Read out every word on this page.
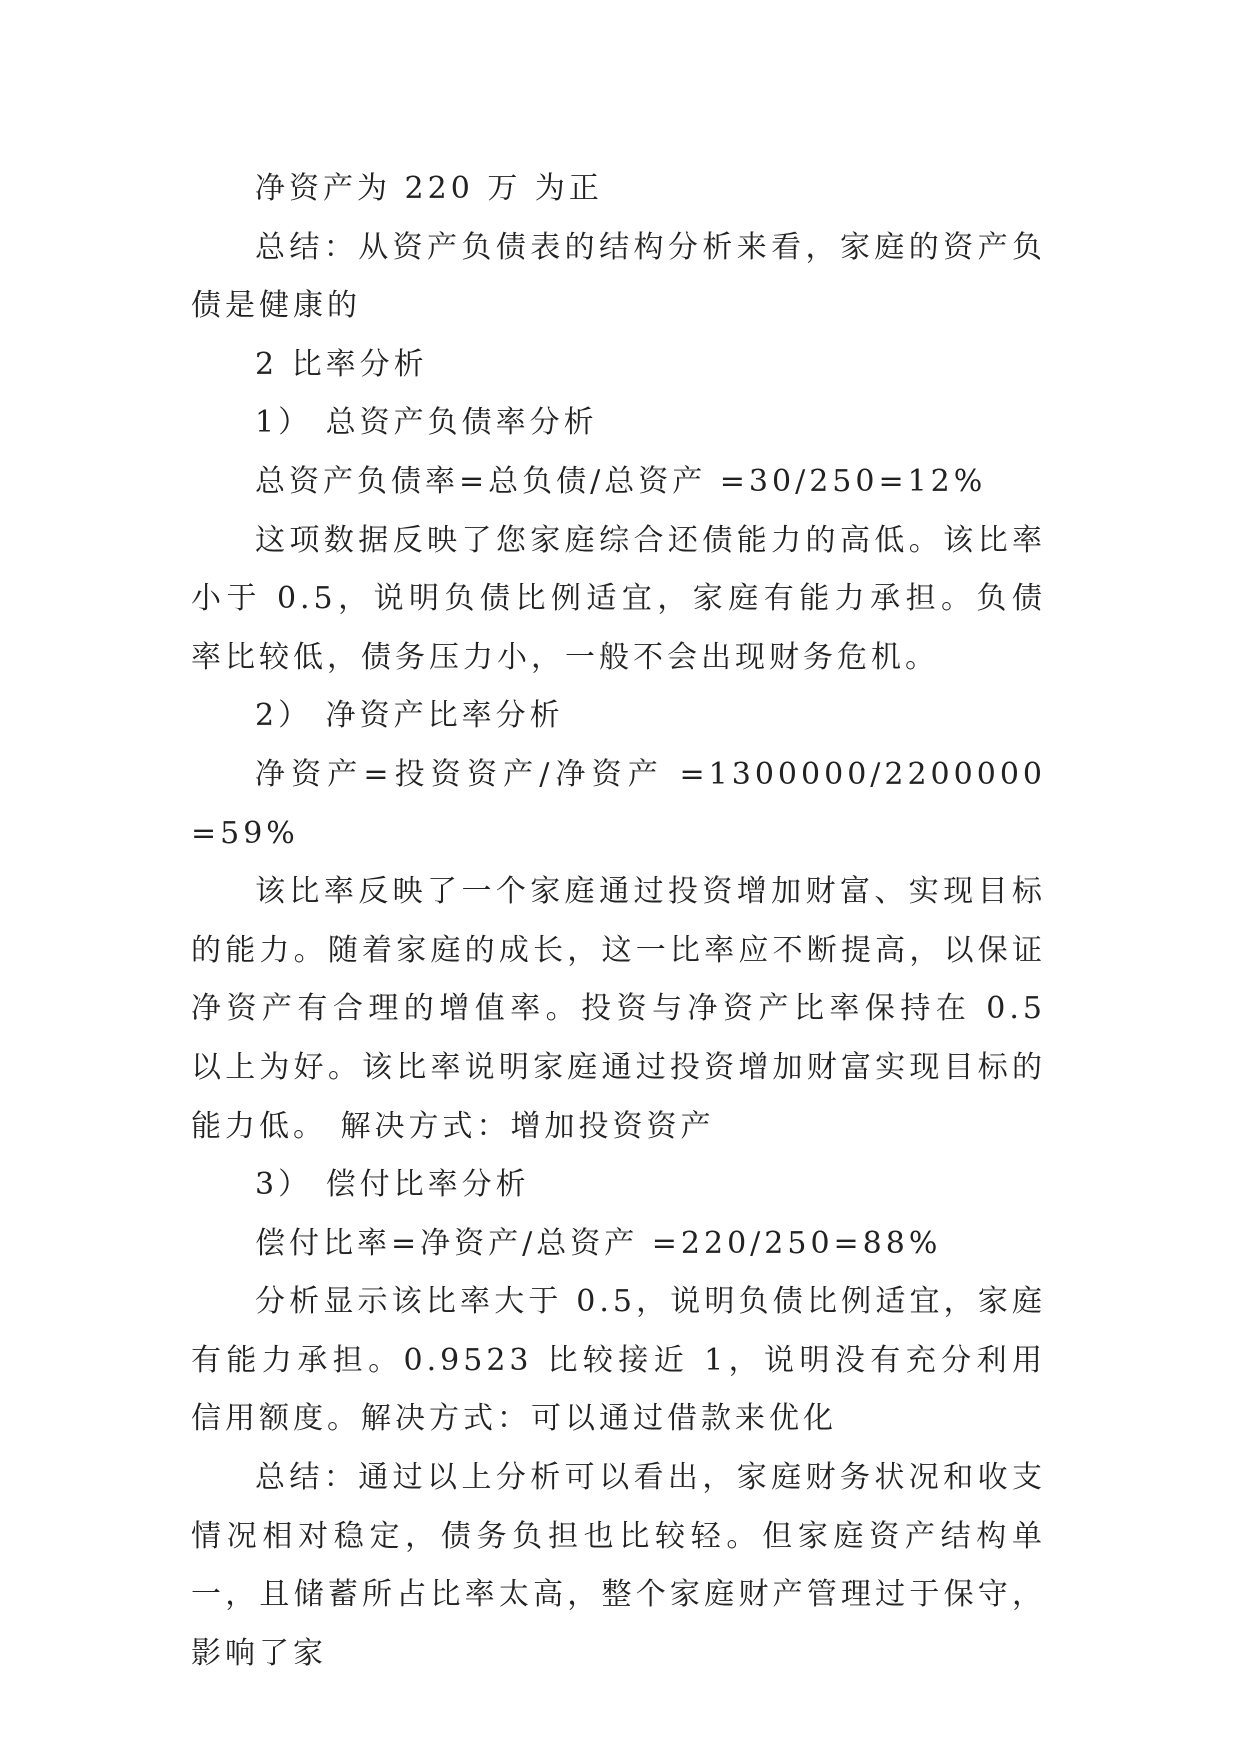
净资产为 220 万 为正

总结：从资产负债表的结构分析来看，家庭的资产负债是健康的

2 比率分析

1） 总资产负债率分析

总资产负债率=总负债/总资产 =30/250=12%

这项数据反映了您家庭综合还债能力的高低。该比率小于 0.5，说明负债比例适宜，家庭有能力承担。负债率比较低，债务压力小，一般不会出现财务危机。

2） 净资产比率分析

净资产=投资资产/净资产 =1300000/2200000=59%

该比率反映了一个家庭通过投资增加财富、实现目标的能力。随着家庭的成长，这一比率应不断提高，以保证净资产有合理的增值率。投资与净资产比率保持在 0.5 以上为好。该比率说明家庭通过投资增加财富实现目标的能力低。 解决方式：增加投资资产

3） 偿付比率分析

偿付比率=净资产/总资产 =220/250=88%

分析显示该比率大于 0.5，说明负债比例适宜，家庭有能力承担。0.9523 比较接近 1，说明没有充分利用信用额度。解决方式：可以通过借款来优化

总结：通过以上分析可以看出，家庭财务状况和收支情况相对稳定，债务负担也比较轻。但家庭资产结构单一，且储蓄所占比率太高，整个家庭财产管理过于保守，影响了家
